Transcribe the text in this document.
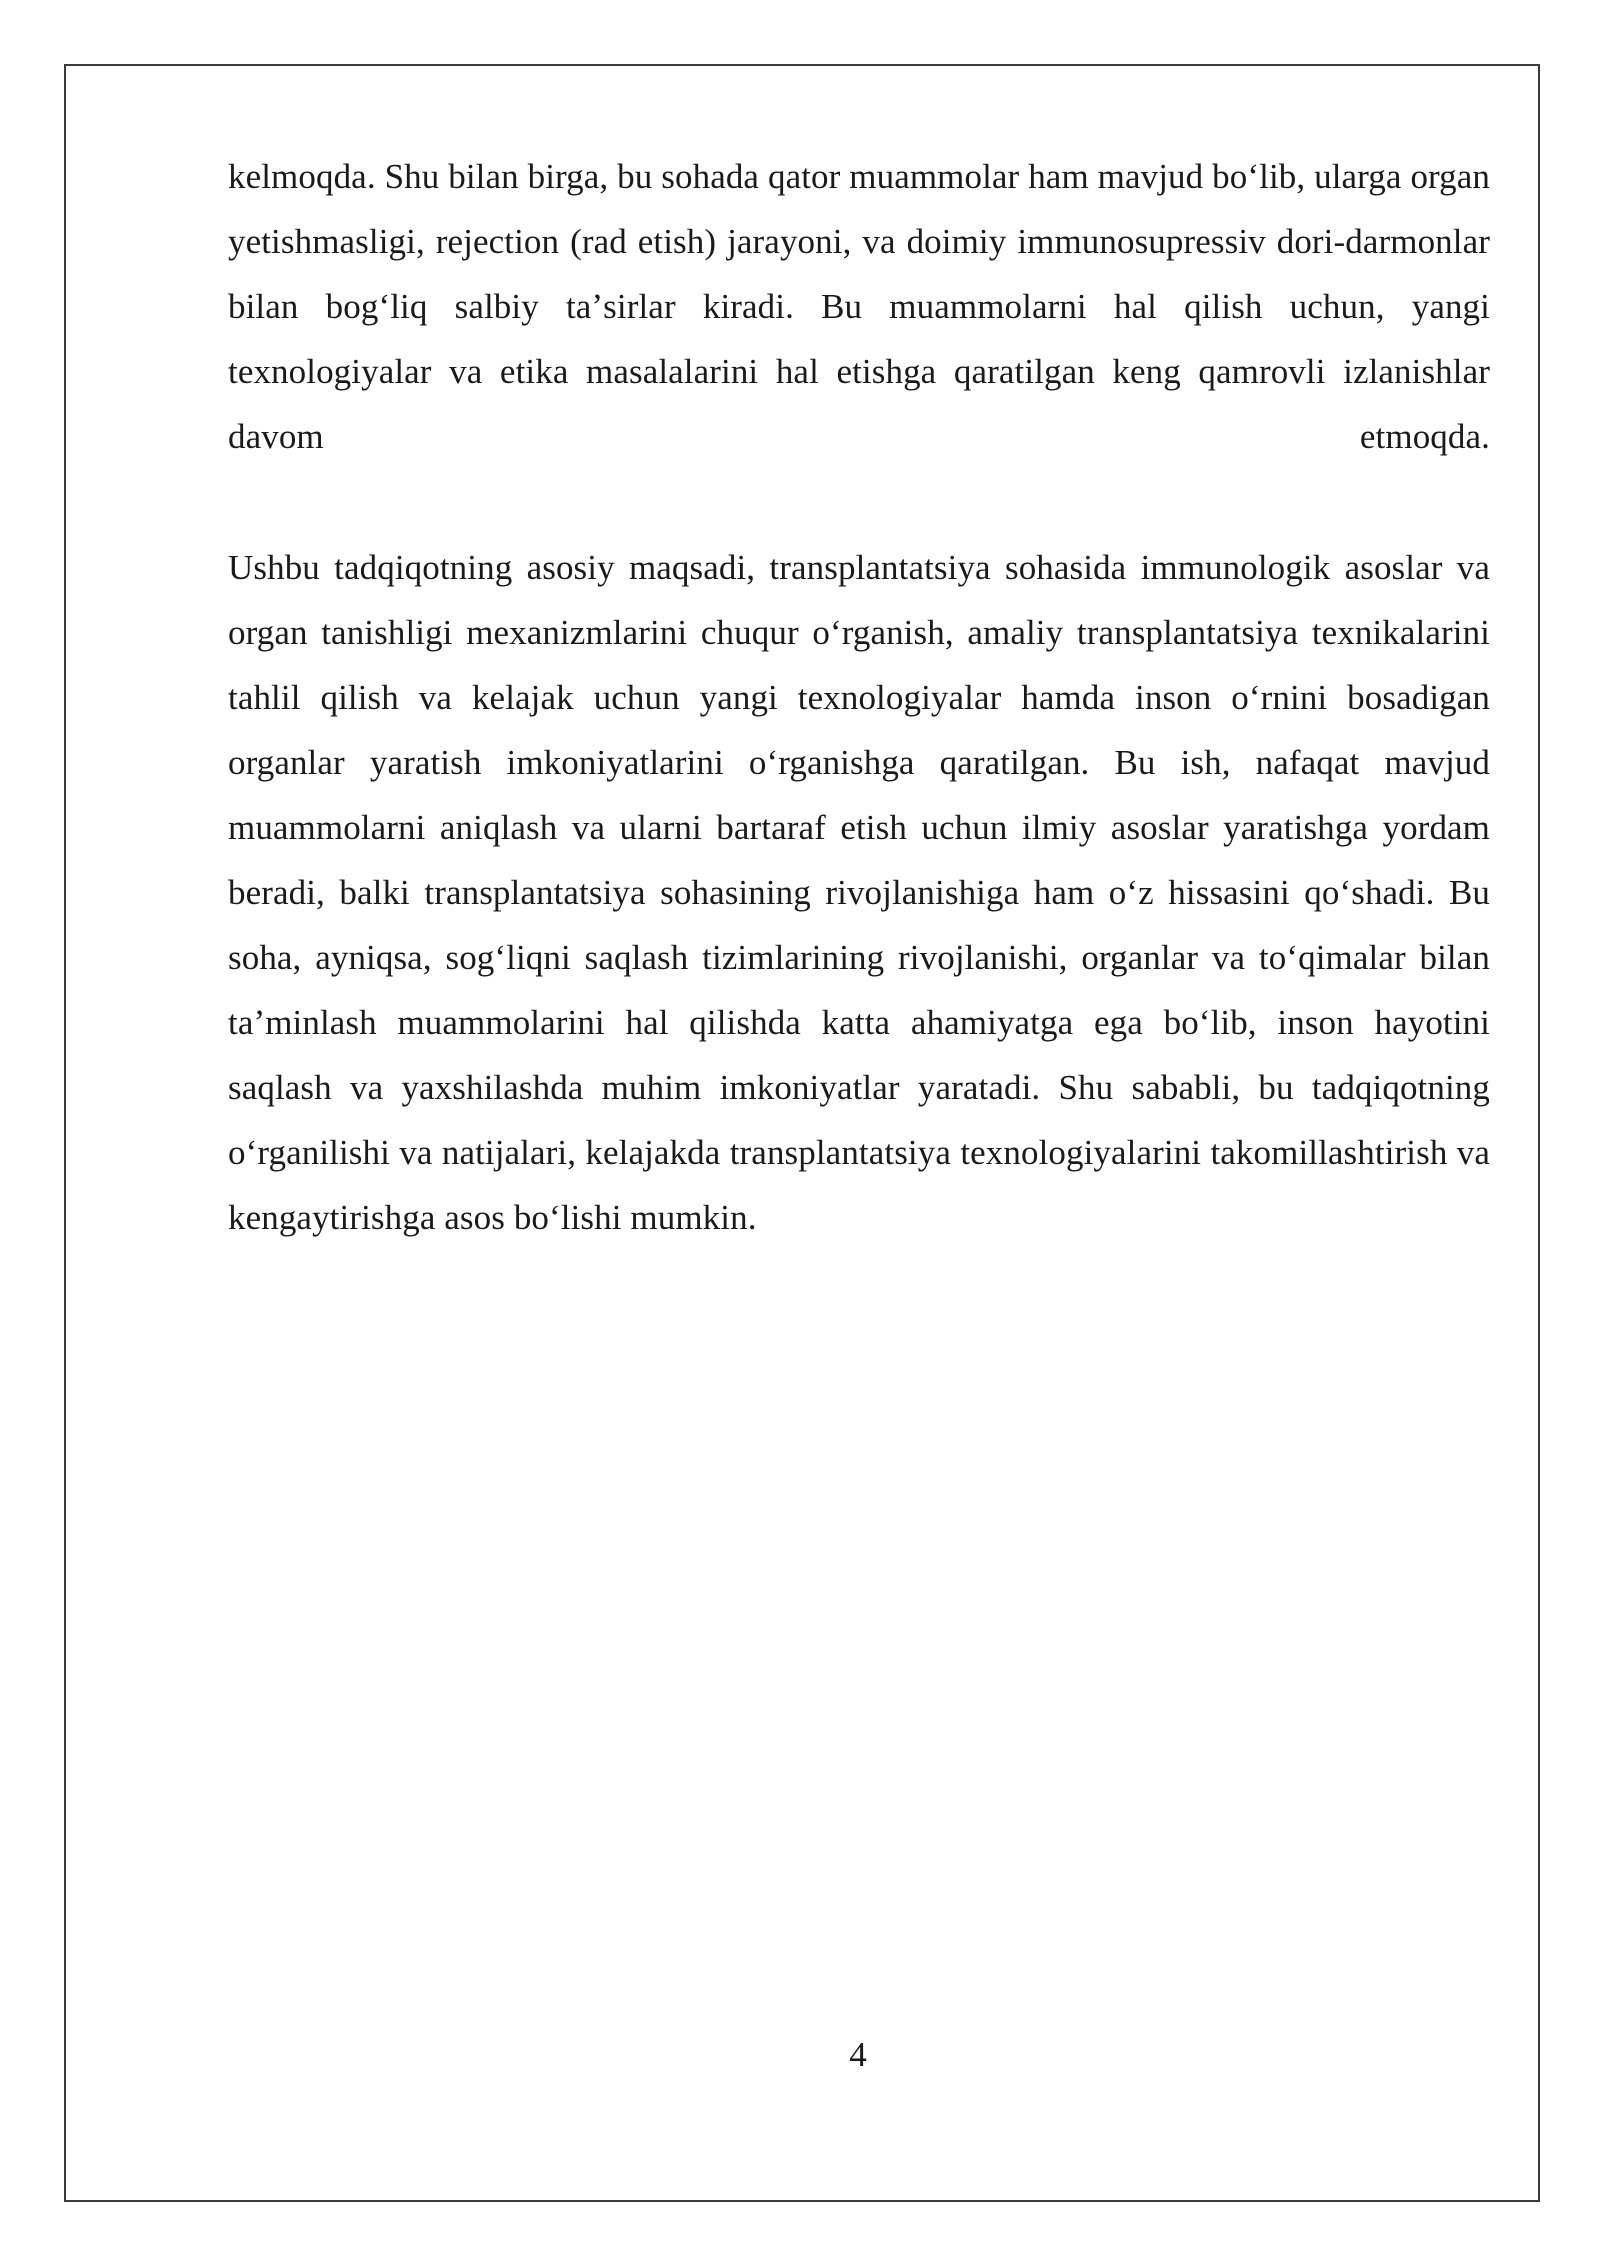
kelmoqda. Shu bilan birga, bu sohada qator muammolar ham mavjud boʻlib, ularga organ yetishmasligi, rejection (rad etish) jarayoni, va doimiy immunosupressiv dori-darmonlar bilan bogʻliq salbiy taʼsirlar kiradi. Bu muammolarni hal qilish uchun, yangi texnologiyalar va etika masalalarini hal etishga qaratilgan keng qamrovli izlanishlar davom etmoqda.

Ushbu tadqiqotning asosiy maqsadi, transplantatsiya sohasida immunologik asoslar va organ tanishligi mexanizmlarini chuqur oʻrganish, amaliy transplantatsiya texnikalarini tahlil qilish va kelajak uchun yangi texnologiyalar hamda inson oʻrnini bosadigan organlar yaratish imkoniyatlarini oʻrganishga qaratilgan. Bu ish, nafaqat mavjud muammolarni aniqlash va ularni bartaraf etish uchun ilmiy asoslar yaratishga yordam beradi, balki transplantatsiya sohasining rivojlanishiga ham oʻz hissasini qoʻshadi. Bu soha, ayniqsa, sogʻliqni saqlash tizimlarining rivojlanishi, organlar va toʻqimalar bilan taʼminlash muammolarini hal qilishda katta ahamiyatga ega boʻlib, inson hayotini saqlash va yaxshilashda muhim imkoniyatlar yaratadi. Shu sababli, bu tadqiqotning oʻrganilishi va natijalari, kelajakda transplantatsiya texnologiyalarini takomillashtirish va kengaytirishga asos boʻlishi mumkin.

4
